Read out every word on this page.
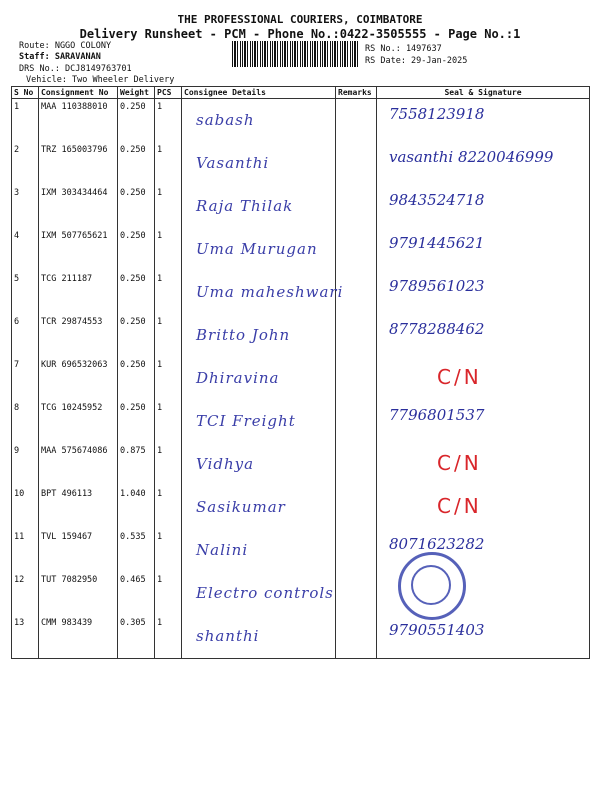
THE PROFESSIONAL COURIERS, COIMBATORE
Delivery Runsheet - PCM - Phone No.:0422-3505555 - Page No.:1
Route: NGGO COLONY
Staff: SARAVANAN
DRS No.: DCJ8149763701
Vehicle: Two Wheeler Delivery
RS No.: 1497637
RS Date: 29-Jan-2025
S No	Consignment No	Weight	PCS	Consignee Details	Remarks	Seal & Signature
1	MAA 110388010	0.250	1	sabash		7558123918

2	TRZ 165003796	0.250	1	Vasanthi		vasanthi 8220046999

3	IXM 303434464	0.250	1	Raja Thilak		9843524718

4	IXM 507765621	0.250	1	Uma Murugan		9791445621

5	TCG 211187	0.250	1	Uma maheshwari		9789561023

6	TCR 29874553	0.250	1	Britto John		8778288462

7	KUR 696532063	0.250	1	Dhiravina		C/N

8	TCG 10245952	0.250	1	TCI Freight		7796801537

9	MAA 575674086	0.875	1	Vidhya		C/N

10	BPT 496113	1.040	1	Sasikumar		C/N

11	TVL 159467	0.535	1	Nalini		8071623282

12	TUT 7082950	0.465	1	Electro controls		

13	CMM 983439	0.305	1	shanthi		9790551403
